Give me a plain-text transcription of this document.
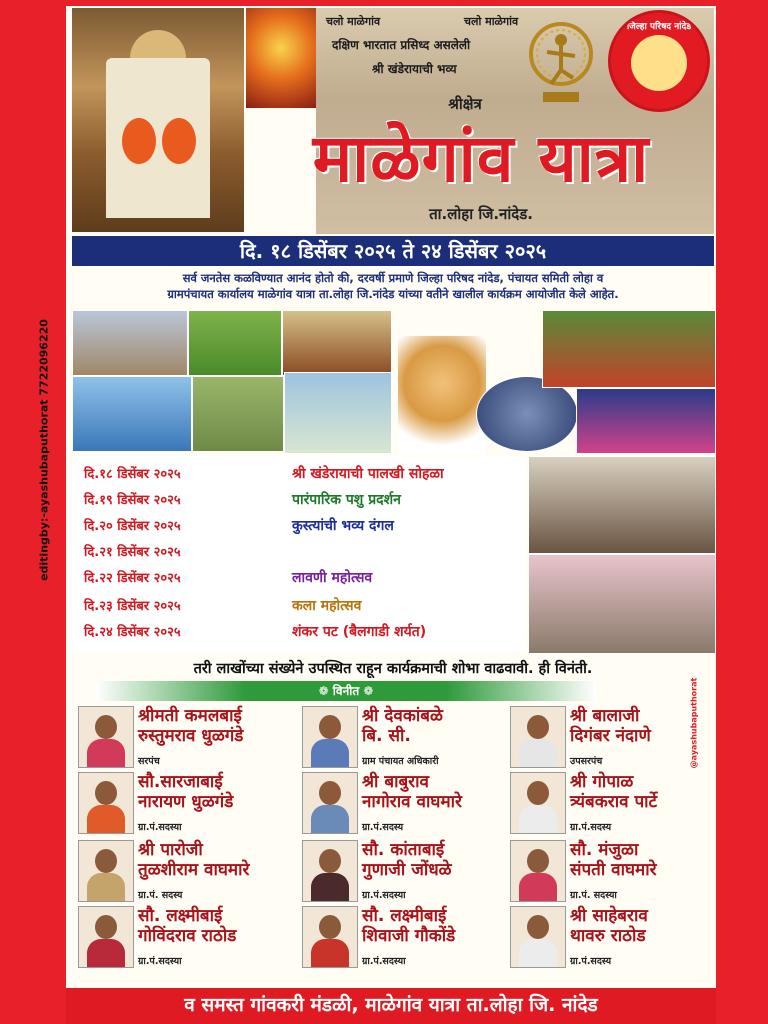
editingby:-ayashubaputhorat 7722096220
जिल्हा परिषद नांदेड
चलो माळेगांव	चलो माळेगांव
दक्षिण भारतात प्रसिध्द असलेली
श्री खंडेरायाची भव्य
श्रीक्षेत्र
माळेगांव यात्रा
ता.लोहा जि.नांदेड.
दि. १८ डिसेंबर २०२५ ते २४ डिसेंबर २०२५
सर्व जनतेस कळविण्यात आनंद होतो की, दरवर्षी प्रमाणे जिल्हा परिषद नांदेड, पंचायत समिती लोहा व
ग्रामपंचायत कार्यालय माळेगांव यात्रा ता.लोहा जि.नांदेड यांच्या वतीने खालील कार्यक्रम आयोजीत केले आहेत.
दि.१८ डिसेंबर २०२५	श्री खंडेरायाची पालखी सोहळा
दि.१९ डिसेंबर २०२५	पारंपारिक पशु प्रदर्शन
दि.२० डिसेंबर २०२५	कुस्त्यांची भव्य दंगल
दि.२१ डिसेंबर २०२५
दि.२२ डिसेंबर २०२५	लावणी महोत्सव
दि.२३ डिसेंबर २०२५	कला महोत्सव
दि.२४ डिसेंबर २०२५	शंकर पट (बैलगाडी शर्यत)
तरी लाखोंच्या संख्येने उपस्थित राहून कार्यक्रमाची शोभा वाढवावी. ही विनंती.
❁ विनीत ❁
श्रीमती कमलबाई
रुस्तुमराव धुळगंडे
सरपंच
श्री देवकांबळे
बि. सी.
ग्राम पंचायत अधिकारी
श्री बालाजी
दिगंबर नंदाणे
उपसरपंच
सौ.सारजाबाई
नारायण धुळगंडे
ग्रा.पं.सदस्या
श्री बाबुराव
नागोराव वाघमारे
ग्रा.पं.सदस्य
श्री गोपाळ
त्र्यंबकराव पार्टे
ग्रा.पं.सदस्य
श्री पारोजी
तुळशीराम वाघमारे
ग्रा.पं. सदस्य
सौ. कांताबाई
गुणाजी जोंधळे
ग्रा.पं.सदस्या
सौ. मंजुळा
संपती वाघमारे
ग्रा.पं. सदस्या
सौ. लक्ष्मीबाई
गोविंदराव राठोड
ग्रा.पं.सदस्या
सौ. लक्ष्मीबाई
शिवाजी गौकोंडे
ग्रा.पं.सदस्या
श्री साहेबराव
थावरु राठोड
ग्रा.पं.सदस्य
@ayashubaputhorat
व समस्त गांवकरी मंडळी, माळेगांव यात्रा ता.लोहा जि. नांदेड
